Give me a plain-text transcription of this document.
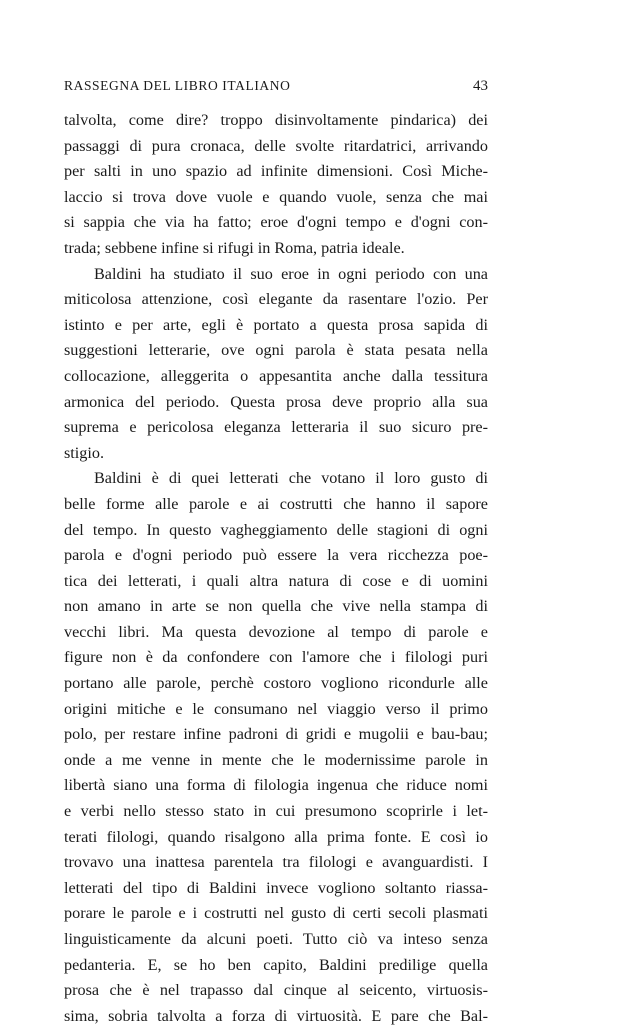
RASSEGNA DEL LIBRO ITALIANO	43
talvolta, come dire? troppo disinvoltamente pindarica) dei
passaggi di pura cronaca, delle svolte ritardatrici, arrivando
per salti in uno spazio ad infinite dimensioni. Così Miche-
laccio si trova dove vuole e quando vuole, senza che mai
si sappia che via ha fatto; eroe d'ogni tempo e d'ogni con-
trada; sebbene infine si rifugi in Roma, patria ideale.
Baldini ha studiato il suo eroe in ogni periodo con una
miticolosa attenzione, così elegante da rasentare l'ozio. Per
istinto e per arte, egli è portato a questa prosa sapida di
suggestioni letterarie, ove ogni parola è stata pesata nella
collocazione, alleggerita o appesantita anche dalla tessitura
armonica del periodo. Questa prosa deve proprio alla sua
suprema e pericolosa eleganza letteraria il suo sicuro pre-
stigio.
Baldini è di quei letterati che votano il loro gusto di
belle forme alle parole e ai costrutti che hanno il sapore
del tempo. In questo vagheggiamento delle stagioni di ogni
parola e d'ogni periodo può essere la vera ricchezza poe-
tica dei letterati, i quali altra natura di cose e di uomini
non amano in arte se non quella che vive nella stampa di
vecchi libri. Ma questa devozione al tempo di parole e
figure non è da confondere con l'amore che i filologi puri
portano alle parole, perchè costoro vogliono ricondurle alle
origini mitiche e le consumano nel viaggio verso il primo
polo, per restare infine padroni di gridi e mugolii e bau-bau;
onde a me venne in mente che le modernissime parole in
libertà siano una forma di filologia ingenua che riduce nomi
e verbi nello stesso stato in cui presumono scoprirle i let-
terati filologi, quando risalgono alla prima fonte. E così io
trovavo una inattesa parentela tra filologi e avanguardisti. I
letterati del tipo di Baldini invece vogliono soltanto riassa-
porare le parole e i costrutti nel gusto di certi secoli plasmati
linguisticamente da alcuni poeti. Tutto ciò va inteso senza
pedanteria. E, se ho ben capito, Baldini predilige quella
prosa che è nel trapasso dal cinque al seicento, virtuosis-
sima, sobria talvolta a forza di virtuosità. E pare che Bal-
